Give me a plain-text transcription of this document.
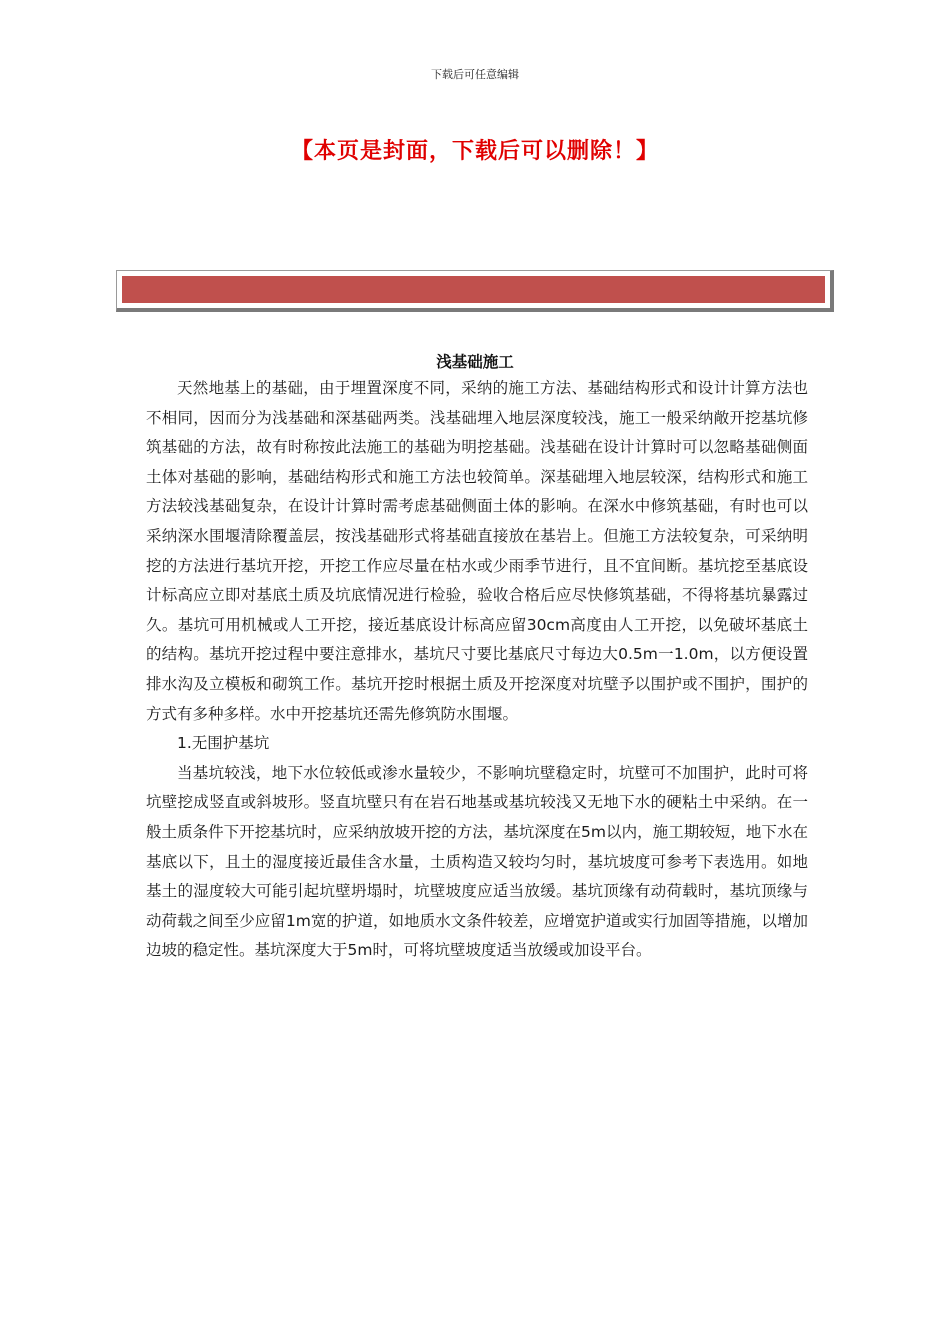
下载后可任意编辑
【本页是封面，下载后可以删除！】
浅基础施工

天然地基上的基础，由于埋置深度不同，采纳的施工方法、基础结构形式和设计计算方法也不相同，因而分为浅基础和深基础两类。浅基础埋入地层深度较浅，施工一般采纳敞开挖基坑修筑基础的方法，故有时称按此法施工的基础为明挖基础。浅基础在设计计算时可以忽略基础侧面土体对基础的影响，基础结构形式和施工方法也较简单。深基础埋入地层较深，结构形式和施工方法较浅基础复杂，在设计计算时需考虑基础侧面土体的影响。在深水中修筑基础，有时也可以采纳深水围堰清除覆盖层，按浅基础形式将基础直接放在基岩上。但施工方法较复杂，可采纳明挖的方法进行基坑开挖，开挖工作应尽量在枯水或少雨季节进行，且不宜间断。基坑挖至基底设计标高应立即对基底土质及坑底情况进行检验，验收合格后应尽快修筑基础，不得将基坑暴露过久。基坑可用机械或人工开挖，接近基底设计标高应留30cm高度由人工开挖，以免破坏基底土的结构。基坑开挖过程中要注意排水，基坑尺寸要比基底尺寸每边大0.5m一1.0m，以方便设置排水沟及立模板和砌筑工作。基坑开挖时根据土质及开挖深度对坑壁予以围护或不围护，围护的方式有多种多样。水中开挖基坑还需先修筑防水围堰。

1.无围护基坑

当基坑较浅，地下水位较低或渗水量较少，不影响坑壁稳定时，坑壁可不加围护，此时可将坑壁挖成竖直或斜坡形。竖直坑壁只有在岩石地基或基坑较浅又无地下水的硬粘土中采纳。在一般土质条件下开挖基坑时，应采纳放坡开挖的方法，基坑深度在5m以内，施工期较短，地下水在基底以下，且土的湿度接近最佳含水量，土质构造又较均匀时，基坑坡度可参考下表选用。如地基土的湿度较大可能引起坑壁坍塌时，坑壁坡度应适当放缓。基坑顶缘有动荷载时，基坑顶缘与动荷载之间至少应留1m宽的护道，如地质水文条件较差，应增宽护道或实行加固等措施，以增加边坡的稳定性。基坑深度大于5m时，可将坑壁坡度适当放缓或加设平台。
